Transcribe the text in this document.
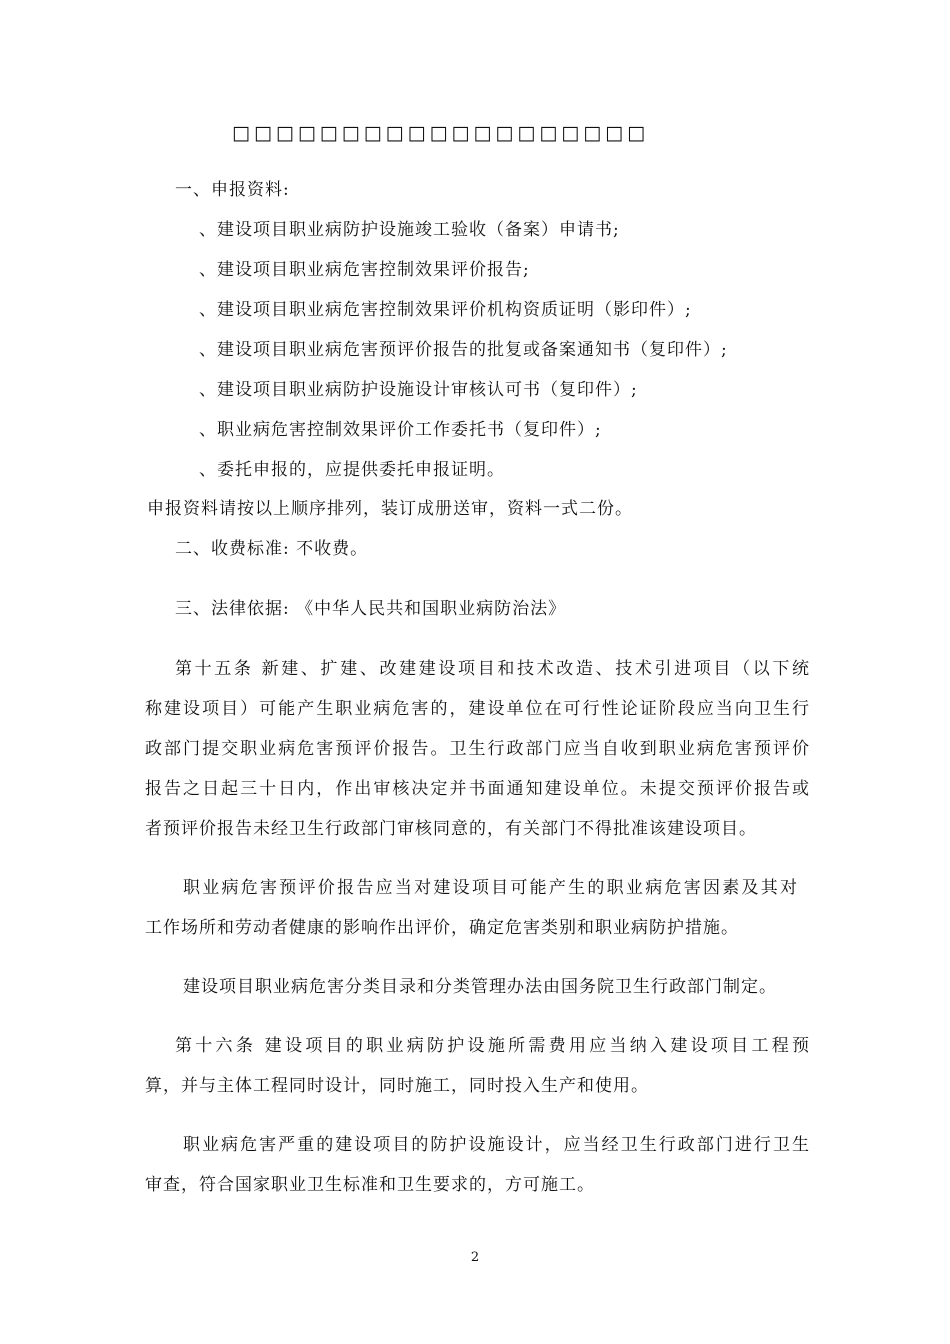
□□□□□□□□□□□□□□□□□□□
一、申报资料:
、建设项目职业病防护设施竣工验收（备案）申请书;
、建设项目职业病危害控制效果评价报告;
、建设项目职业病危害控制效果评价机构资质证明（影印件）;
、建设项目职业病危害预评价报告的批复或备案通知书（复印件）;
、建设项目职业病防护设施设计审核认可书（复印件）;
、职业病危害控制效果评价工作委托书（复印件）;
、委托申报的，应提供委托申报证明。
申报资料请按以上顺序排列，装订成册送审，资料一式二份。
二、收费标准: 不收费。
三、法律依据: 《中华人民共和国职业病防治法》
第十五条 新建、扩建、改建建设项目和技术改造、技术引进项目（以下统
称建设项目）可能产生职业病危害的，建设单位在可行性论证阶段应当向卫生行
政部门提交职业病危害预评价报告。卫生行政部门应当自收到职业病危害预评价
报告之日起三十日内，作出审核决定并书面通知建设单位。未提交预评价报告或
者预评价报告未经卫生行政部门审核同意的，有关部门不得批准该建设项目。
职业病危害预评价报告应当对建设项目可能产生的职业病危害因素及其对
工作场所和劳动者健康的影响作出评价，确定危害类别和职业病防护措施。
建设项目职业病危害分类目录和分类管理办法由国务院卫生行政部门制定。
第十六条 建设项目的职业病防护设施所需费用应当纳入建设项目工程预
算，并与主体工程同时设计，同时施工，同时投入生产和使用。
职业病危害严重的建设项目的防护设施设计，应当经卫生行政部门进行卫生
审查，符合国家职业卫生标准和卫生要求的，方可施工。
2
